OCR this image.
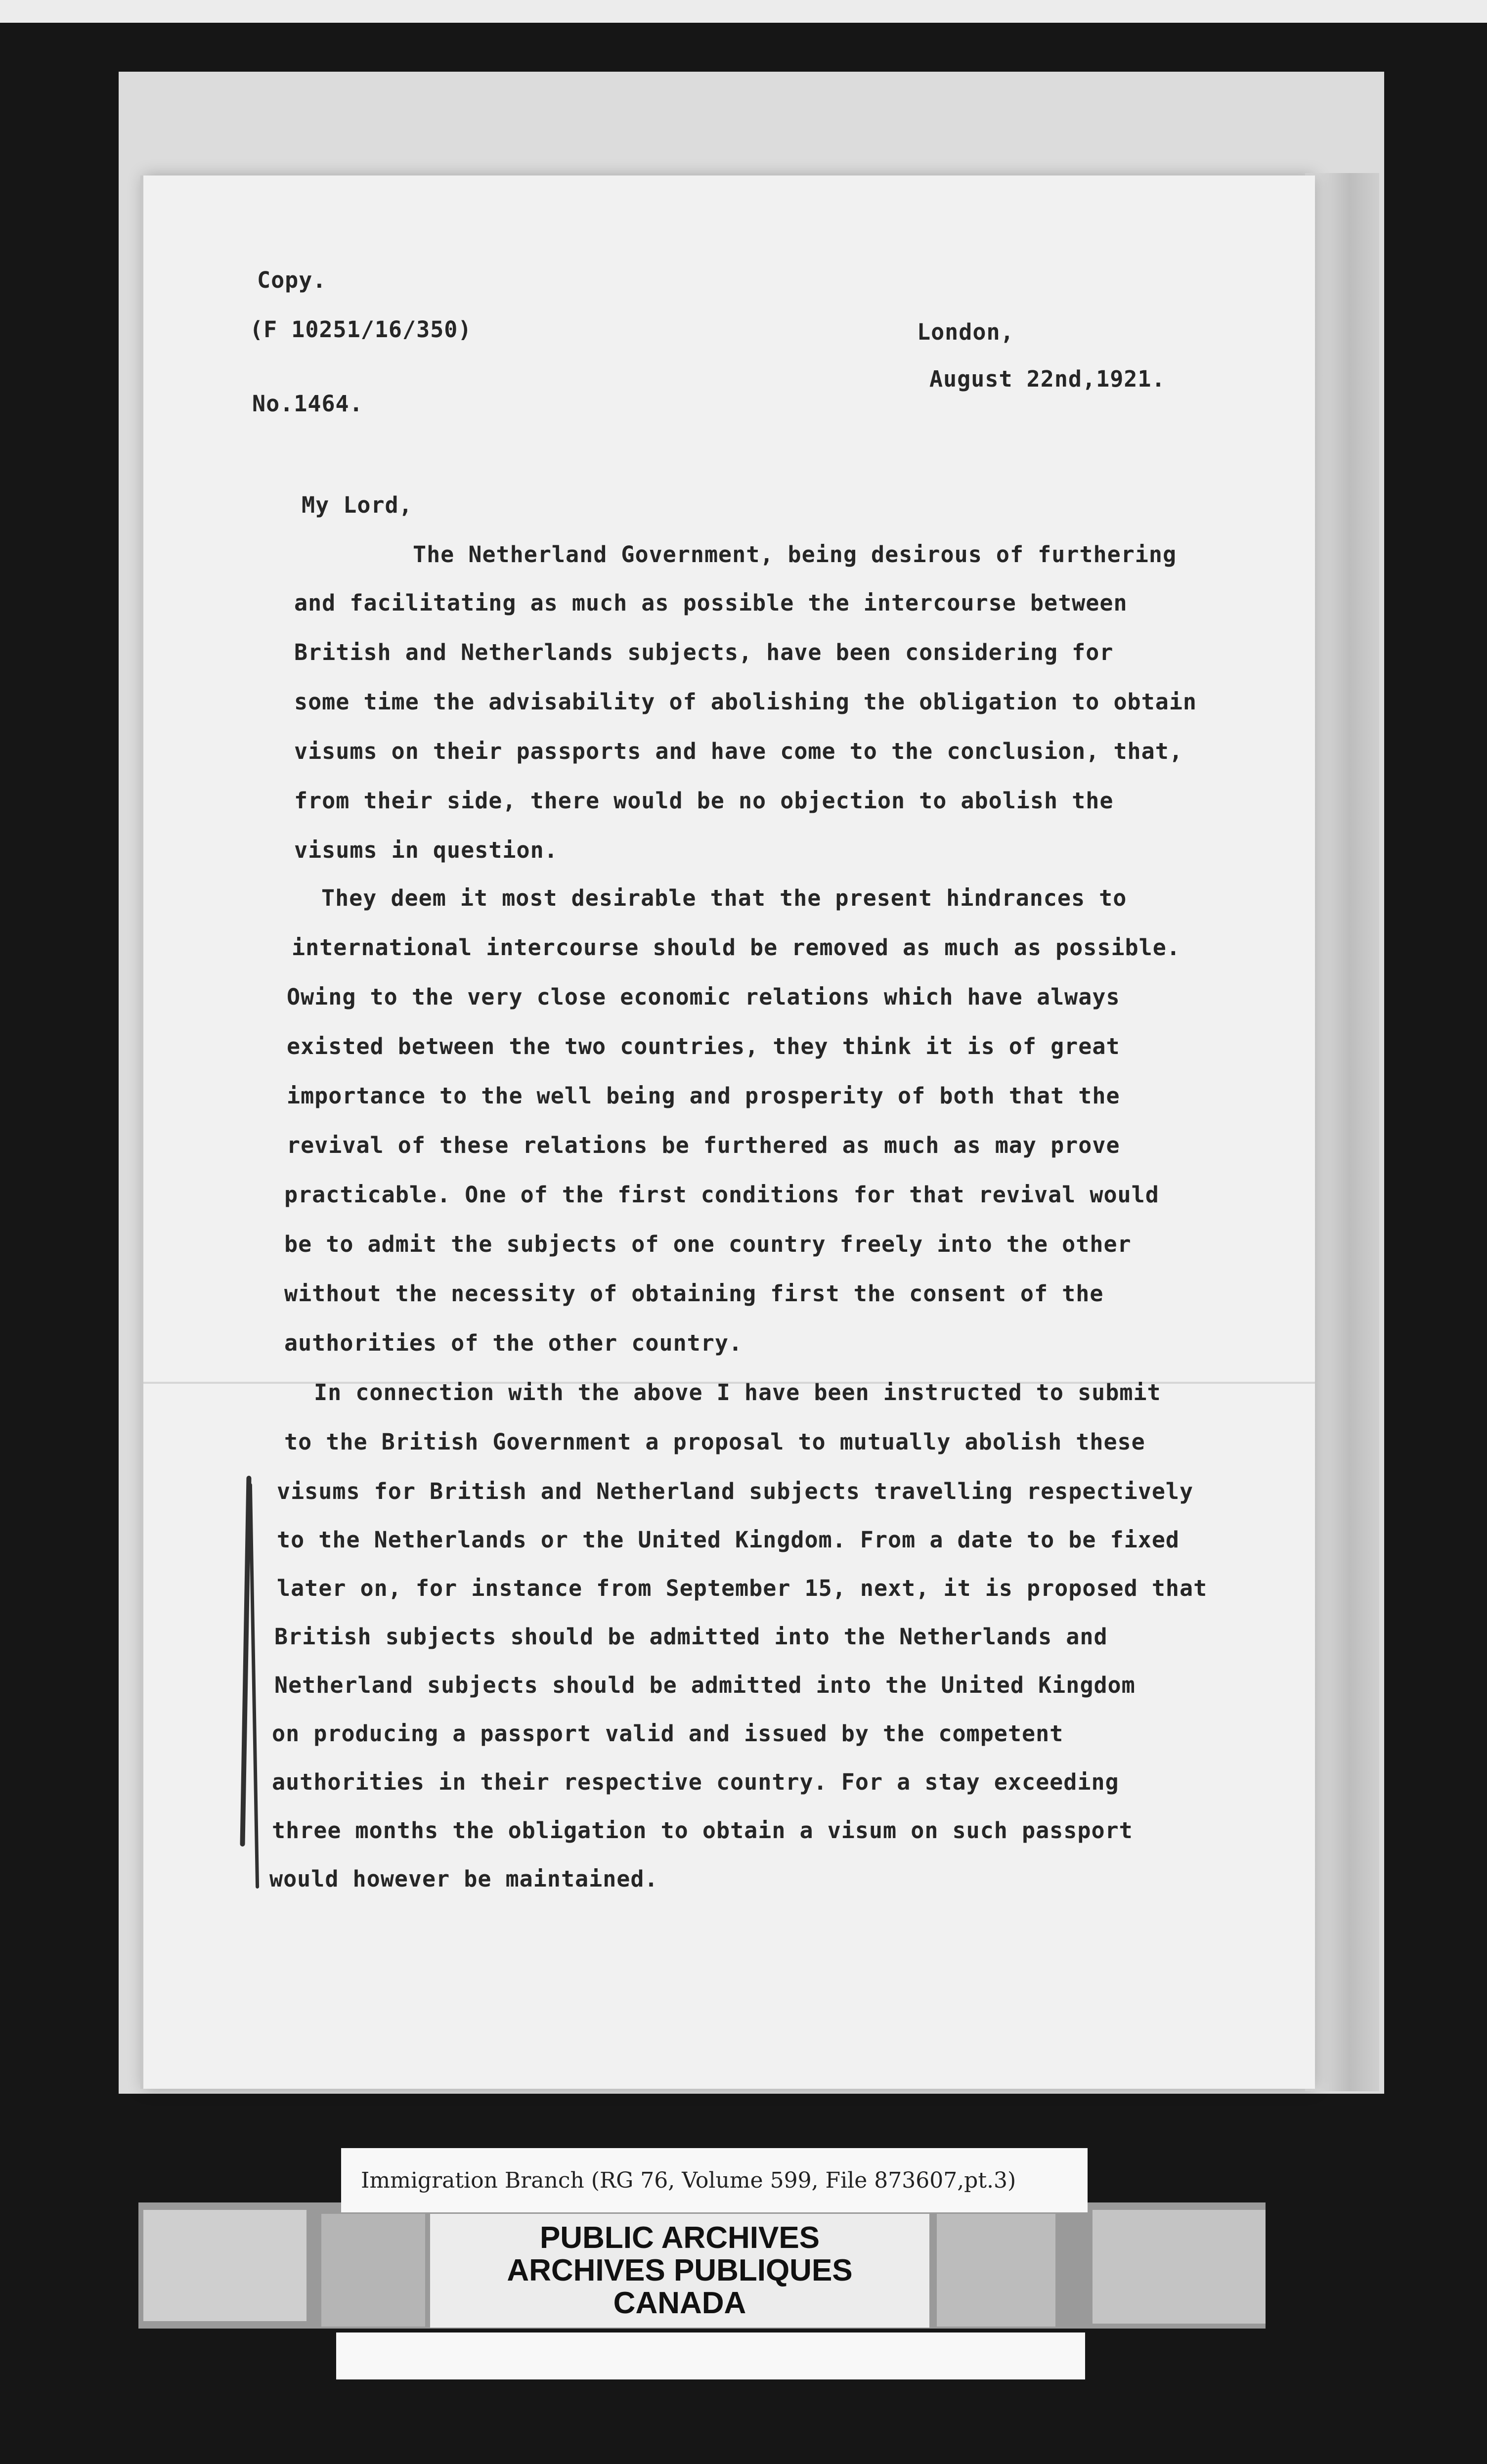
Copy.
(F 10251/16/350)	London,
August 22nd,1921.
No.1464.
My Lord,
The Netherland Government, being desirous of furthering
and facilitating as much as possible the intercourse between
British and Netherlands subjects, have been considering for
some time the advisability of abolishing the obligation to obtain
visums on their passports and have come to the conclusion, that,
from their side, there would be no objection to abolish the
visums in question.
They deem it most desirable that the present hindrances to
international intercourse should be removed as much as possible.
Owing to the very close economic relations which have always
existed between the two countries, they think it is of great
importance to the well being and prosperity of both that the
revival of these relations be furthered as much as may prove
practicable. One of the first conditions for that revival would
be to admit the subjects of one country freely into the other
without the necessity of obtaining first the consent of the
authorities of the other country.
In connection with the above I have been instructed to submit
to the British Government a proposal to mutually abolish these
visums for British and Netherland subjects travelling respectively
to the Netherlands or the United Kingdom. From a date to be fixed
later on, for instance from September 15, next, it is proposed that
British subjects should be admitted into the Netherlands and
Netherland subjects should be admitted into the United Kingdom
on producing a passport valid and issued by the competent
authorities in their respective country. For a stay exceeding
three months the obligation to obtain a visum on such passport
would however be maintained.
Immigration Branch (RG 76, Volume 599, File 873607,pt.3)
PUBLIC ARCHIVES
ARCHIVES PUBLIQUES
CANADA
